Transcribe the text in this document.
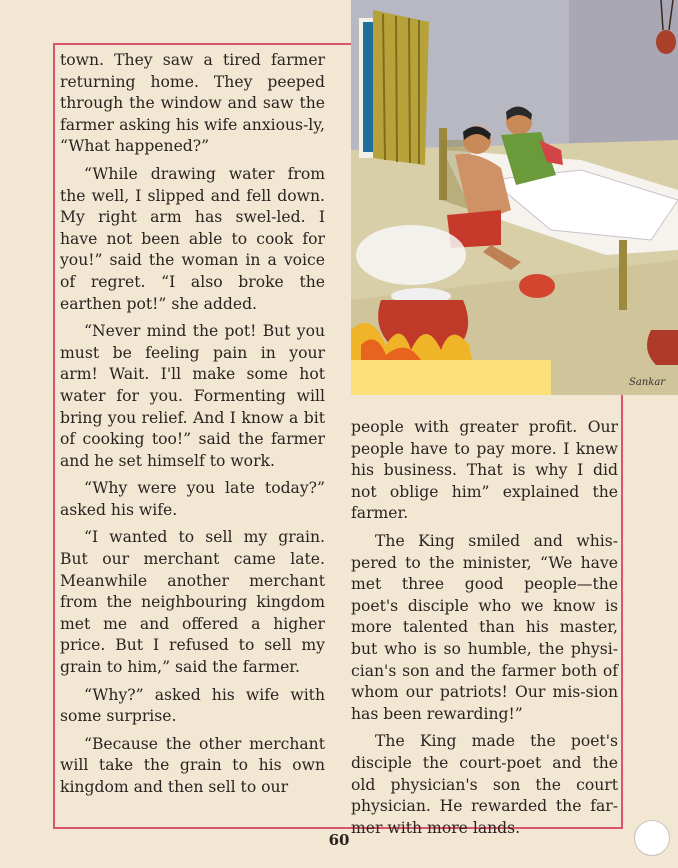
town. They saw a tired farmer returning home. They peeped through the window and saw the farmer asking his wife anxious-ly, “What happened?”

“While drawing water from the well, I slipped and fell down. My right arm has swel-led. I have not been able to cook for you!” said the woman in a voice of regret. “I also broke the earthen pot!” she added.

“Never mind the pot! But you must be feeling pain in your arm! Wait. I'll make some hot water for you. Formenting will bring you relief. And I know a bit of cooking too!” said the farmer and he set himself to work.

“Why were you late today?” asked his wife.

“I wanted to sell my grain. But our merchant came late. Meanwhile another merchant from the neighbouring kingdom met me and offered a higher price. But I refused to sell my grain to him,” said the farmer.

“Why?” asked his wife with some surprise.

“Because the other merchant will take the grain to his own kingdom and then sell to our

Sankar

people with greater profit. Our people have to pay more. I knew his business. That is why I did not oblige him” explained the farmer.

The King smiled and whis-pered to the minister, “We have met three good people—the poet's disciple who we know is more talented than his master, but who is so humble, the physi-cian's son and the farmer both of whom our patriots! Our mis-sion has been rewarding!”

The King made the poet's disciple the court-poet and the old physician's son the court physician. He rewarded the far-mer with more lands.

60
